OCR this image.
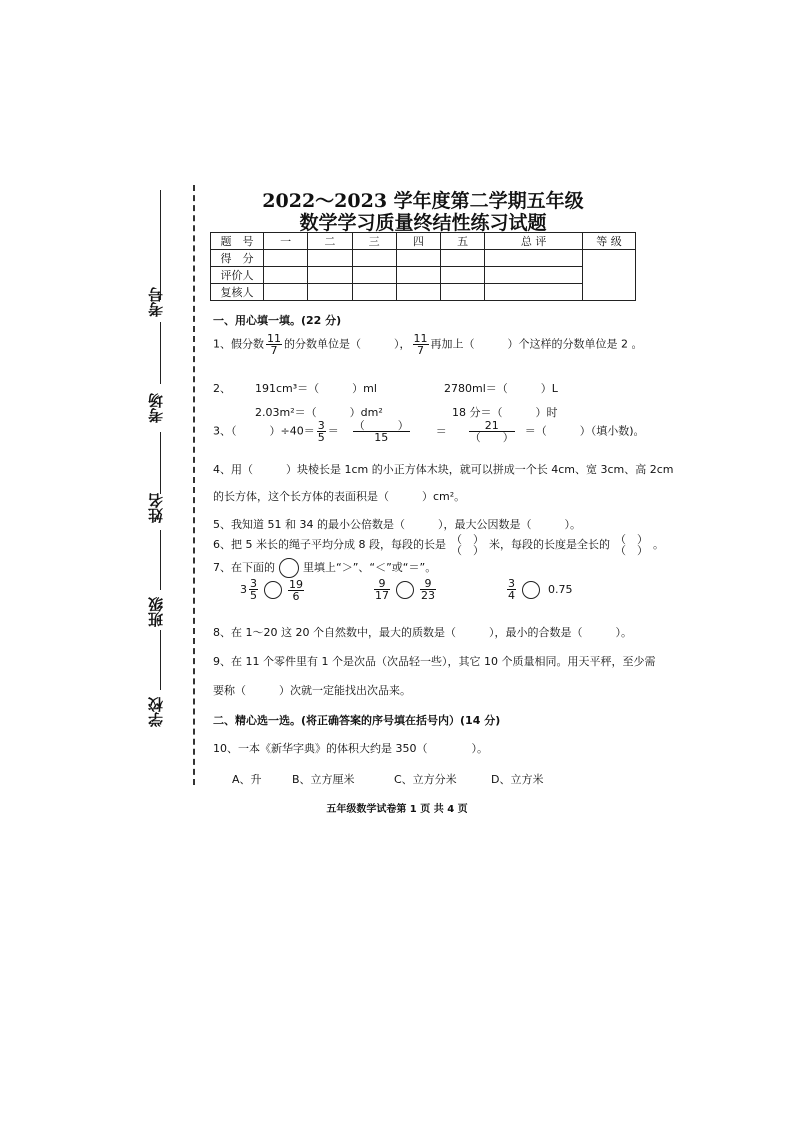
考号
考场
姓名
班级
学校
2022～2023 学年度第二学期五年级
数学学习质量终结性练习试题
题　号	一	二	三	四	五	总 评	等 级
得　分							
评价人							
复核人							
一、用心填一填。(22 分)
1、假分数 $\frac{11}{7}$ 的分数单位是（　　　）， $\frac{11}{7}$ 再加上（　　　）个这样的分数单位是 2 。
2、 191cm³＝（　　　）ml	2780ml＝（　　　）L
2.03m²＝（　　　）dm²	18 分＝（　　　）时
3、（　　　）$\div 40= \frac{3}{5} = \frac{( )}{15} = \frac{21}{( )}$ ＝（　　　）（填小数)。
4、用（　　　）块棱长是 1cm 的小正方体木块，就可以拼成一个长 4cm、宽 3cm、高 2cm
的长方体，这个长方体的表面积是（　　　）cm²。
5、我知道 51 和 34 的最小公倍数是（　　　），最大公因数是（　　　）。
6、把 5 米长的绳子平均分成 8 段，每段的长是 （　）
（　） 米，每段的长度是全长的 （　）
（　） 。
7、在下面的	里填上“＞”、“＜”或“＝”。
$3 \frac{3}{5}$	$\frac{19}{6}$	$\frac{9}{17}$	$\frac{9}{23}$	$\frac{3}{4}$	0.75
8、在 1～20 这 20 个自然数中，最大的质数是（　　　），最小的合数是（　　　）。
9、在 11 个零件里有 1 个是次品（次品轻一些），其它 10 个质量相同。用天平秤，至少需
要称（　　　）次就一定能找出次品来。
二、精心选一选。(将正确答案的序号填在括号内）(14 分)
10、一本《新华字典》的体积大约是 350（　　　　）。
A、升	B、立方厘米	C、立方分米	D、立方米
五年级数学试卷第 1 页 共 4 页
